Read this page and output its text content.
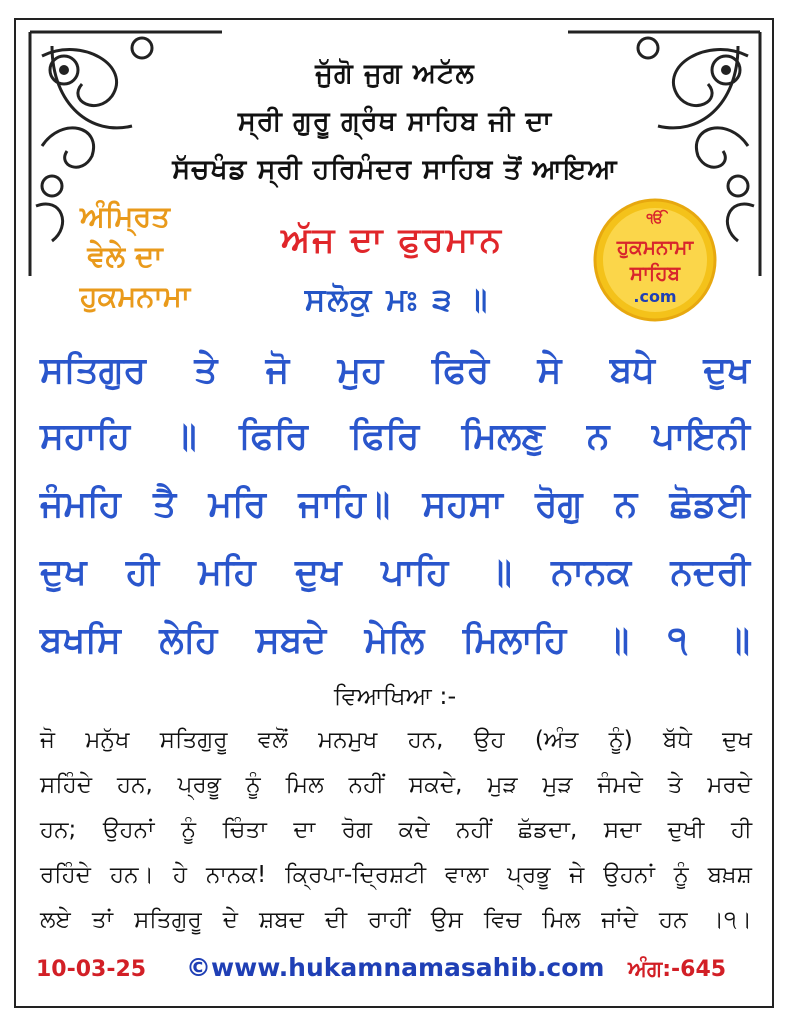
ਜੁੱਗੋ ਜੁਗ ਅਟੱਲ
ਸ੍ਰੀ ਗੁਰੂ ਗ੍ਰੰਥ ਸਾਹਿਬ ਜੀ ਦਾ
ਸੱਚਖੰਡ ਸ੍ਰੀ ਹਰਿਮੰਦਰ ਸਾਹਿਬ ਤੋਂ ਆਇਆ
ਅੰਮ੍ਰਿਤ
ਵੇਲੇ ਦਾ
ਹੁਕਮਨਾਮਾ
ਅੱਜ ਦਾ ਫੁਰਮਾਨ
ਸਲੋਕੁ ਮਃ ੩ ॥
ੴ
ਹੁਕਮਨਾਮਾ
ਸਾਹਿਬ
.com
ਸਤਿਗੁਰ ਤੇ ਜੋ ਮੁਹ ਫਿਰੇ ਸੇ ਬਧੇ ਦੁਖ
ਸਹਾਹਿ ॥ ਫਿਰਿ ਫਿਰਿ ਮਿਲਣੁ ਨ ਪਾਇਨੀ
ਜੰਮਹਿ ਤੈ ਮਰਿ ਜਾਹਿ॥ ਸਹਸਾ ਰੋਗੁ ਨ ਛੋਡਈ
ਦੁਖ ਹੀ ਮਹਿ ਦੁਖ ਪਾਹਿ ॥ ਨਾਨਕ ਨਦਰੀ
ਬਖਸਿ ਲੇਹਿ ਸਬਦੇ ਮੇਲਿ ਮਿਲਾਹਿ ॥ ੧ ॥
ਵਿਆਖਿਆ :-
ਜੋ ਮਨੁੱਖ ਸਤਿਗੁਰੂ ਵਲੋਂ ਮਨਮੁਖ ਹਨ, ਉਹ (ਅੰਤ ਨੂੰ) ਬੱਧੇ ਦੁਖ
ਸਹਿੰਦੇ ਹਨ, ਪ੍ਰਭੂ ਨੂੰ ਮਿਲ ਨਹੀਂ ਸਕਦੇ, ਮੁੜ ਮੁੜ ਜੰਮਦੇ ਤੇ ਮਰਦੇ
ਹਨ; ਉਹਨਾਂ ਨੂੰ ਚਿੰਤਾ ਦਾ ਰੋਗ ਕਦੇ ਨਹੀਂ ਛੱਡਦਾ, ਸਦਾ ਦੁਖੀ ਹੀ
ਰਹਿੰਦੇ ਹਨ। ਹੇ ਨਾਨਕ! ਕ੍ਰਿਪਾ-ਦ੍ਰਿਸ਼ਟੀ ਵਾਲਾ ਪ੍ਰਭੂ ਜੇ ਉਹਨਾਂ ਨੂੰ ਬਖ਼ਸ਼
ਲਏ ਤਾਂ ਸਤਿਗੁਰੂ ਦੇ ਸ਼ਬਦ ਦੀ ਰਾਹੀਂ ਉਸ ਵਿਚ ਮਿਲ ਜਾਂਦੇ ਹਨ ।੧।
10-03-25 ©www.hukamnamasahib.com ਅੰਗ:-645
